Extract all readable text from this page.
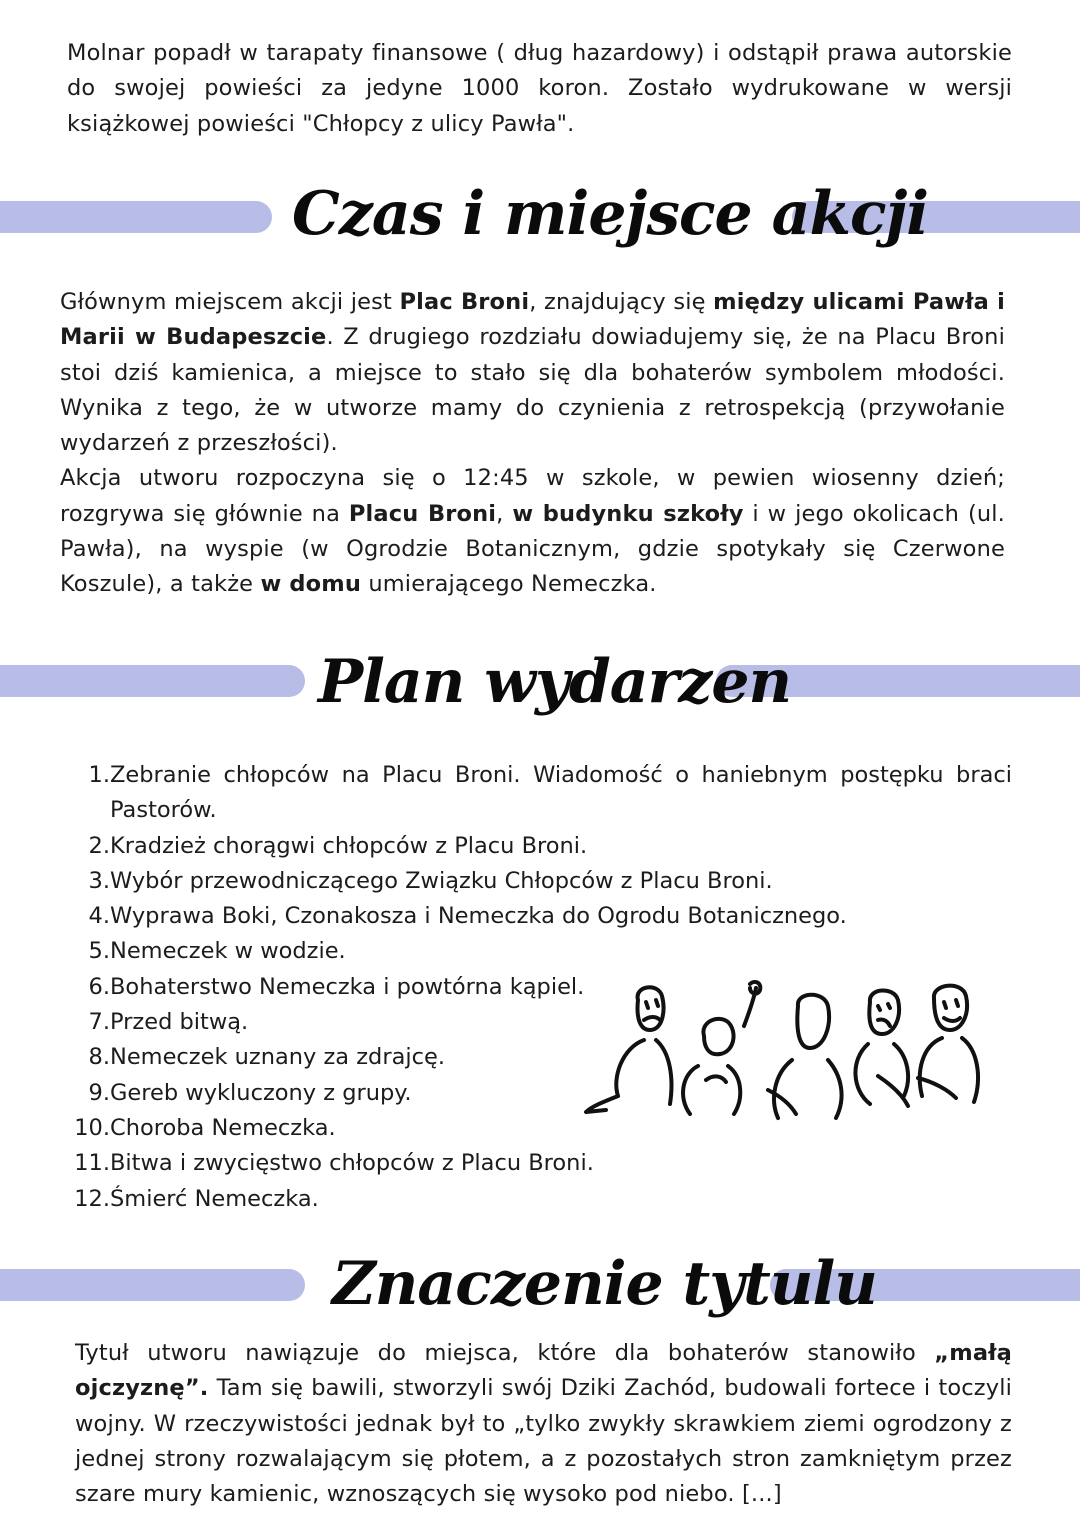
Molnar popadł w tarapaty finansowe ( dług hazardowy) i odstąpił prawa autorskie do swojej powieści za jedyne 1000 koron. Zostało wydrukowane w wersji książkowej powieści "Chłopcy z ulicy Pawła".

Czas i miejsce akcji
Głównym miejscem akcji jest Plac Broni, znajdujący się między ulicami Pawła i Marii w Budapeszcie. Z drugiego rozdziału dowiadujemy się, że na Placu Broni stoi dziś kamienica, a miejsce to stało się dla bohaterów symbolem młodości. Wynika z tego, że w utworze mamy do czynienia z retrospekcją (przywołanie wydarzeń z przeszłości).
Akcja utworu rozpoczyna się o 12:45 w szkole, w pewien wiosenny dzień; rozgrywa się głównie na Placu Broni, w budynku szkoły i w jego okolicach (ul. Pawła), na wyspie (w Ogrodzie Botanicznym, gdzie spotykały się Czerwone Koszule), a także w domu umierającego Nemeczka.
Plan wydarzen
1. Zebranie chłopców na Placu Broni. Wiadomość o haniebnym postępku braci Pastorów.
2. Kradzież chorągwi chłopców z Placu Broni.
3. Wybór przewodniczącego Związku Chłopców z Placu Broni.
4. Wyprawa Boki, Czonakosza i Nemeczka do Ogrodu Botanicznego.
5. Nemeczek w wodzie.
6. Bohaterstwo Nemeczka i powtórna kąpiel.
7. Przed bitwą.
8. Nemeczek uznany za zdrajcę.
9. Gereb wykluczony z grupy.
10. Choroba Nemeczka.
11. Bitwa i zwycięstwo chłopców z Placu Broni.
12. Śmierć Nemeczka.
Znaczenie tytulu
Tytuł utworu nawiązuje do miejsca, które dla bohaterów stanowiło „małą ojczyznę”. Tam się bawili, stworzyli swój Dziki Zachód, budowali fortece i toczyli wojny. W rzeczywistości jednak był to „tylko zwykły skrawkiem ziemi ogrodzony z jednej strony rozwalającym się płotem, a z pozostałych stron zamkniętym przez szare mury kamienic, wznoszących się wysoko pod niebo. [...]
